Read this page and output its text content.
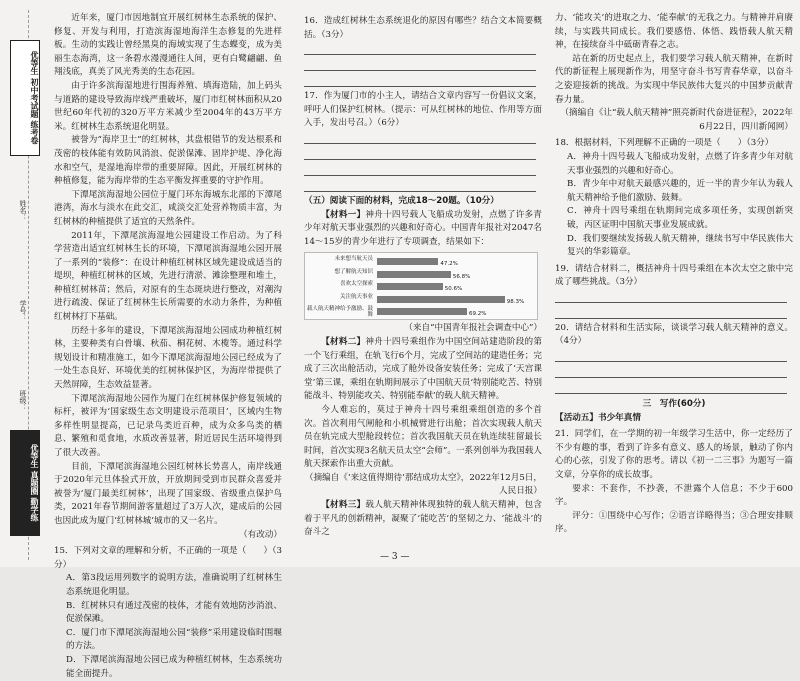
优等生 初中考试题 练考卷
姓名：
学号：
班级：
优等生 真题圈 勤学练

近年来，厦门市因地制宜开展红树林生态系统的保护、修复、开发与利用，打造滨海湿地海洋生态修复的先进样板。生动的实践让曾经黑臭的海域实现了生态蝶变，成为美丽生态海湾，这一条碧水漫漫通往人间，更有白鹭翩翩、鱼翔浅底，真美了风光秀美的生态花园。

由于许多滨海湿地进行围海养殖、填海造陆，加上码头与道路的建设导致海岸线严重破坏，厦门市红树林面积从20世纪60年代初的320万平方米减少至2004年的43万平方米。红树林生态系统退化明显。

被誉为“海岸卫士”的红树林，其盘根错节的发达根系和茂密的枝体能有效防风消浪、促淤保滩、固岸护堤、净化海水和空气，是湿地海岸带的重要屏障。因此，开展红树林的种植修复，能为海岸带的生态平衡发挥重要的守护作用。

下潭尾滨海湿地公园位于厦门环东海城东北部的下潭尾港湾，海水与淡水在此交汇，咸淡交汇处营养物质丰富，为红树林的种植提供了适宜的天然条件。

2011年，下潭尾滨海湿地公园建设工作启动。为了科学营造出适宜红树林生长的环境，下潭尾滨海湿地公园开展了一系列的“装修”：在设计种植红树林区域先建设成适当的堤坝，种植红树林的区域，先进行清淤、滩涂整理和堆土，种植红树林苗；然后，对原有的生态斑块进行整改，对潮沟进行疏浚、保证了红树林生长所需要的水动力条件，为种植红树林打下基础。

历经十多年的建设，下潭尾滨海湿地公园成功种植红树林，主要种类有白骨壤、秋茄、桐花树、木榄等。通过科学规划设计和精准施工，如今下潭尾滨海湿地公园已经成为了一处生态良好、环境优美的红树林保护区，为海岸带提供了天然屏障，生态效益显著。

下潭尾滨海湿地公园作为厦门在红树林保护修复领域的标杆，被评为‘国家级生态文明建设示范项目’，区域内生物多样性明显提高，已记录鸟类近百种，成为众多鸟类的栖息、繁殖和觅食地，水质改善显著，附近居民生活环境得到了很大改善。

目前，下潭尾滨海湿地公园红树林长势喜人，南岸线通于2020年元旦体验式开放，开放期间受到市民群众喜爱并被誉为‘厦门最美红树林’，出现了国家级、省级重点保护鸟类，2021年春节期间游客量超过了3万人次，建成后的公园也因此成为厦门‘红树林城’城市的又一名片。

（有改动）

15．下列对文章的理解和分析，不正确的一项是（　　）（3分）

A．第3段运用列数字的说明方法，准确说明了红树林生态系统退化明显。

B．红树林只有通过茂密的枝体，才能有效地防沙消浪、促淤保滩。

C．厦门市下潭尾滨海湿地公园“装修”采用建设临时围堰的方法。

D．下潭尾滨海湿地公园已成为种植红树林，生态系统功能全面提升。

16．造成红树林生态系统退化的原因有哪些？结合文本简要概括。（3分）

17．作为厦门市的小主人，请结合文章内容写一份倡议文案，呼吁人们保护红树林。（提示：可从红树林的地位、作用等方面入手，发出号召。）（6分）

（五）阅读下面的材料，完成18～20题。（10分）

【材料一】神舟十四号载人飞船成功发射，点燃了许多青少年对航天事业强烈的兴趣和好奇心。中国青年报社对2047名14～15岁的青少年进行了专项调查，结果如下：

未来想当航天员
47.2%
想了解航天知识
56.8%
喜欢太空探索
50.6%
关注航天事业
98.3%
载人航天精神给予激励、鼓舞	69.2%

（来自“中国青年报社会调查中心”）

【材料二】神舟十四号乘组作为中国空间站建造阶段的第一个飞行乘组，在轨飞行6个月，完成了空间站的建造任务；完成了三次出舱活动，完成了舱外设备安装任务；完成了‘天宫课堂’第三课，乘组在轨期间展示了中国航天员‘特别能吃苦、特别能战斗、特别能攻关、特别能奉献’的载人航天精神。

今人难忘的，莫过于神舟十四号乘组乘组创造的多个首次。首次利用气闸舱和小机械臂进行出舱；首次实现载人航天员在轨完成大型舱段转位；首次我国航天员在轨连续驻留最长时间，首次实现3名航天员太空“会师”。一系列创举为我国载人航天探索作出重大贡献。

（摘编自《‘来这值得期待’那结成功太空》，2022年12月5日，人民日报）

【材料三】载人航天精神体现独特的载人航天精神，包含着于平凡的创新精神，凝聚了‘能吃苦’的坚韧之力、‘能战斗’的奋斗之

力、‘能攻关’的进取之力、‘能奉献’的无我之力。与精神并肩赓续，与实践共同成长。我们要感悟、体悟、践悟载人航天精神，在接续奋斗中砥砺青春之志。

站在新的历史起点上，我们要学习载人航天精神，在新时代的新征程上展现新作为，用坚守奋斗书写青春华章，以奋斗之姿迎接新的挑战。为实现中华民族伟大复兴的中国梦贡献青春力量。

（摘编自《让“载人航天精神”照亮新时代奋进征程》，2022年6月22日，四川新闻网）

18．根据材料，下列理解不正确的一项是（　　）（3分）

A．神舟十四号载人飞船成功发射，点燃了许多青少年对航天事业强烈的兴趣和好奇心。

B．青少年中对航天最感兴趣的，近一半的青少年认为载人航天精神给予他们激励、鼓舞。

C．神舟十四号乘组在轨期间完成多项任务，实现创新突破，丙区证明中国航天事业发展成就。

D．我们要继续发扬载人航天精神，继续书写中华民族伟大复兴的华彩篇章。

19．请结合材料二，概括神舟十四号乘组在本次太空之旅中完成了哪些挑战。（3分）

20．请结合材料和生活实际，谈谈学习载人航天精神的意义。（4分）

三　写作(60分)

【活动五】书少年真情

21．同学们，在一学期的初一年级学习生活中，你一定经历了不少有趣的事，看到了许多有意义、感人的场景，触动了你内心的心弦，引发了你的思考。请以《初一二三事》为题写一篇文章，分享你的成长故事。

要求：不套作，不抄袭，不泄露个人信息；不少于600字。

评分：①围绕中心写作；②语言详略得当；③合理安排顺序。

— 3 —
